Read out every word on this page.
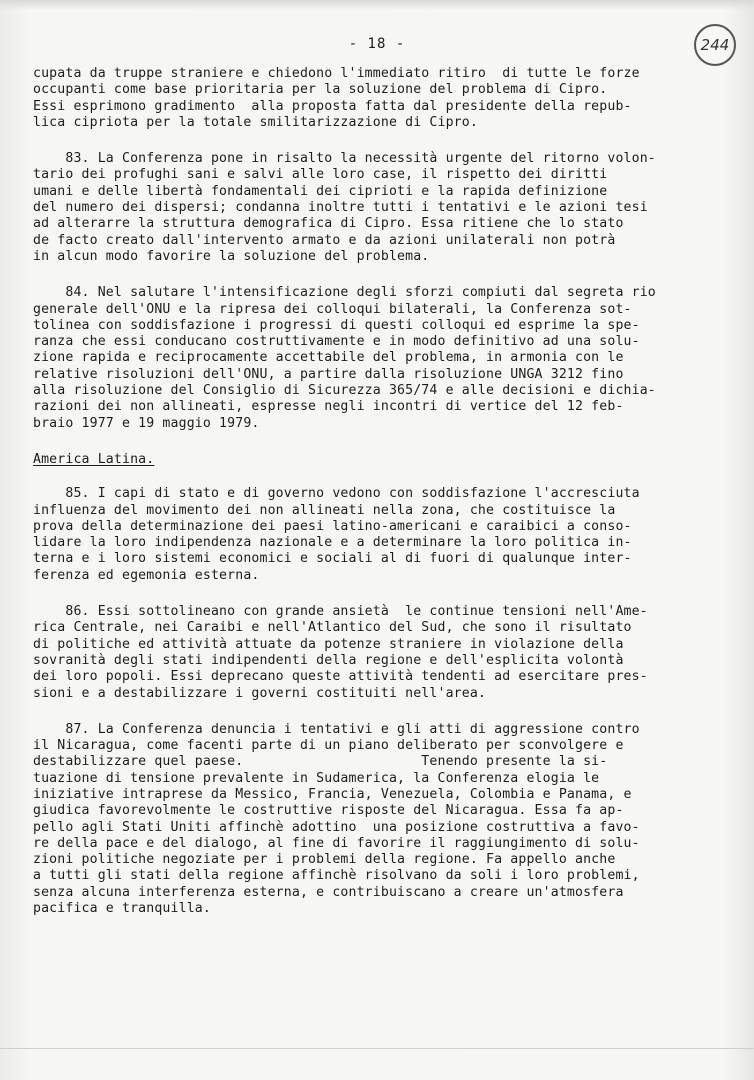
- 18 -	244
cupata da truppe straniere e chiedono l'immediato ritiro  di tutte le forze
occupanti come base prioritaria per la soluzione del problema di Cipro.
Essi esprimono gradimento  alla proposta fatta dal presidente della repub-
lica cipriota per la totale smilitarizzazione di Cipro.
83. La Conferenza pone in risalto la necessità urgente del ritorno volon-
tario dei profughi sani e salvi alle loro case, il rispetto dei diritti
umani e delle libertà fondamentali dei ciprioti e la rapida definizione
del numero dei dispersi; condanna inoltre tutti i tentativi e le azioni tesi
ad alterarre la struttura demografica di Cipro. Essa ritiene che lo stato
de facto creato dall'intervento armato e da azioni unilaterali non potrà
in alcun modo favorire la soluzione del problema.
84. Nel salutare l'intensificazione degli sforzi compiuti dal segreta rio
generale dell'ONU e la ripresa dei colloqui bilaterali, la Conferenza sot-
tolinea con soddisfazione i progressi di questi colloqui ed esprime la spe-
ranza che essi conducano costruttivamente e in modo definitivo ad una solu-
zione rapida e reciprocamente accettabile del problema, in armonia con le
relative risoluzioni dell'ONU, a partire dalla risoluzione UNGA 3212 fino
alla risoluzione del Consiglio di Sicurezza 365/74 e alle decisioni e dichia-
razioni dei non allineati, espresse negli incontri di vertice del 12 feb-
braio 1977 e 19 maggio 1979.
America Latina.
85. I capi di stato e di governo vedono con soddisfazione l'accresciuta
influenza del movimento dei non allineati nella zona, che costituisce la
prova della determinazione dei paesi latino-americani e caraibici a conso-
lidare la loro indipendenza nazionale e a determinare la loro politica in-
terna e i loro sistemi economici e sociali al di fuori di qualunque inter-
ferenza ed egemonia esterna.
86. Essi sottolineano con grande ansietà  le continue tensioni nell'Ame-
rica Centrale, nei Caraibi e nell'Atlantico del Sud, che sono il risultato
di politiche ed attività attuate da potenze straniere in violazione della
sovranità degli stati indipendenti della regione e dell'esplicita volontà
dei loro popoli. Essi deprecano queste attività tendenti ad esercitare pres-
sioni e a destabilizzare i governi costituiti nell'area.
87. La Conferenza denuncia i tentativi e gli atti di aggressione contro
il Nicaragua, come facenti parte di un piano deliberato per sconvolgere e
destabilizzare quel paese.                      Tenendo presente la si-
tuazione di tensione prevalente in Sudamerica, la Conferenza elogia le
iniziative intraprese da Messico, Francia, Venezuela, Colombia e Panama, e
giudica favorevolmente le costruttive risposte del Nicaragua. Essa fa ap-
pello agli Stati Uniti affinchè adottino  una posizione costruttiva a favo-
re della pace e del dialogo, al fine di favorire il raggiungimento di solu-
zioni politiche negoziate per i problemi della regione. Fa appello anche
a tutti gli stati della regione affinchè risolvano da soli i loro problemi,
senza alcuna interferenza esterna, e contribuiscano a creare un'atmosfera
pacifica e tranquilla.
